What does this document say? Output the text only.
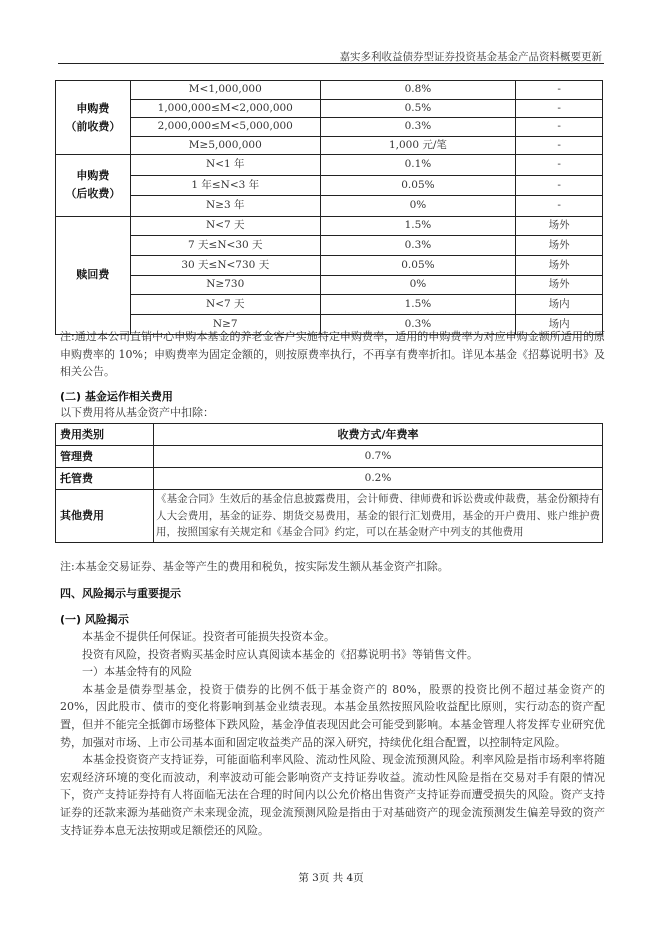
嘉实多利收益债券型证券投资基金基金产品资料概要更新
申购费
（前收费）	M<1,000,000	0.8%	-
	1,000,000≤M<2,000,000	0.5%	-
	2,000,000≤M<5,000,000	0.3%	-
	M≥5,000,000	1,000 元/笔	-

申购费
（后收费）	N<1 年	0.1%	-
	1 年≤N<3 年	0.05%	-
	N≥3 年	0%	-

赎回费	N<7 天	1.5%	场外
	7 天≤N<30 天	0.3%	场外
	30 天≤N<730 天	0.05%	场外
	N≥730	0%	场外
	N<7 天	1.5%	场内
	N≥7	0.3%	场内
注:通过本公司直销中心申购本基金的养老金客户实施特定申购费率，适用的申购费率为对应申购金额所适用的原申购费率的 10%；申购费率为固定金额的，则按原费率执行，不再享有费率折扣。详见本基金《招募说明书》及相关公告。
(二) 基金运作相关费用
以下费用将从基金资产中扣除：
费用类别	收费方式/年费率
管理费	0.7%
托管费	0.2%
其他费用	《基金合同》生效后的基金信息披露费用，会计师费、律师费和诉讼费或仲裁费，基金份额持有人大会费用，基金的证券、期货交易费用，基金的银行汇划费用，基金的开户费用、账户维护费用，按照国家有关规定和《基金合同》约定，可以在基金财产中列支的其他费用
注:本基金交易证券、基金等产生的费用和税负，按实际发生额从基金资产扣除。
四、风险揭示与重要提示
(一) 风险揭示
本基金不提供任何保证。投资者可能损失投资本金。
投资有风险，投资者购买基金时应认真阅读本基金的《招募说明书》等销售文件。
一）本基金特有的风险
本基金是债券型基金，投资于债券的比例不低于基金资产的 80%，股票的投资比例不超过基金资产的 20%，因此股市、债市的变化将影响到基金业绩表现。本基金虽然按照风险收益配比原则，实行动态的资产配置，但并不能完全抵御市场整体下跌风险，基金净值表现因此会可能受到影响。本基金管理人将发挥专业研究优势，加强对市场、上市公司基本面和固定收益类产品的深入研究，持续优化组合配置，以控制特定风险。
本基金投资资产支持证券，可能面临利率风险、流动性风险、现金流预测风险。利率风险是指市场利率将随宏观经济环境的变化而波动，利率波动可能会影响资产支持证券收益。流动性风险是指在交易对手有限的情况下，资产支持证券持有人将面临无法在合理的时间内以公允价格出售资产支持证券而遭受损失的风险。资产支持证券的还款来源为基础资产未来现金流，现金流预测风险是指由于对基础资产的现金流预测发生偏差导致的资产支持证券本息无法按期或足额偿还的风险。
第 3页 共 4页
